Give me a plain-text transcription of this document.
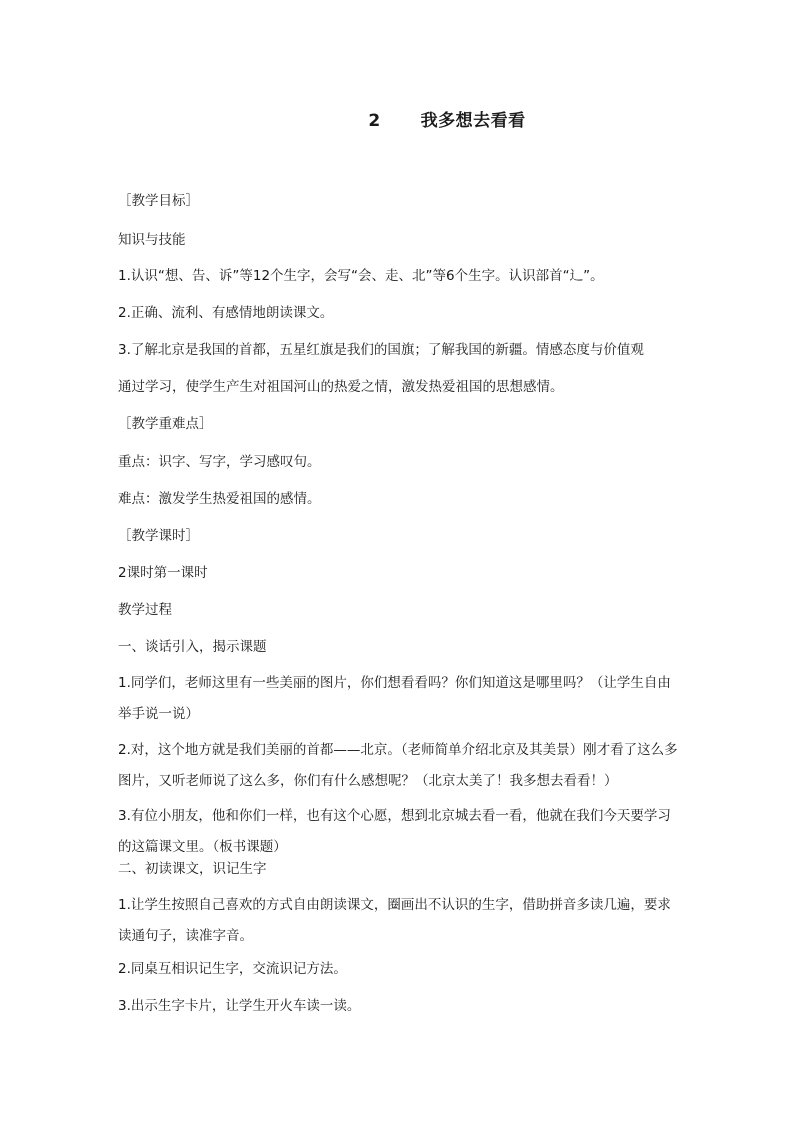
2 我多想去看看
［教学目标］
知识与技能
1.认识“想、告、诉”等12个生字，会写“会、走、北”等6个生字。认识部首“⻌”。
2.正确、流利、有感情地朗读课文。
3.了解北京是我国的首都，五星红旗是我们的国旗；了解我国的新疆。情感态度与价值观
通过学习，使学生产生对祖国河山的热爱之情，激发热爱祖国的思想感情。
［教学重难点］
重点：识字、写字，学习感叹句。
难点：激发学生热爱祖国的感情。
［教学课时］
2课时第一课时
教学过程
一、谈话引入，揭示课题
1.同学们，老师这里有一些美丽的图片，你们想看看吗？你们知道这是哪里吗？（让学生自由举手说一说）
2.对，这个地方就是我们美丽的首都——北京。（老师简单介绍北京及其美景）刚才看了这么多图片，又听老师说了这么多，你们有什么感想呢？（北京太美了！我多想去看看！）
3.有位小朋友，他和你们一样，也有这个心愿，想到北京城去看一看，他就在我们今天要学习的这篇课文里。（板书课题）
二、初读课文，识记生字
1.让学生按照自己喜欢的方式自由朗读课文，圈画出不认识的生字，借助拼音多读几遍，要求读通句子，读准字音。
2.同桌互相识记生字，交流识记方法。
3.出示生字卡片，让学生开火车读一读。
